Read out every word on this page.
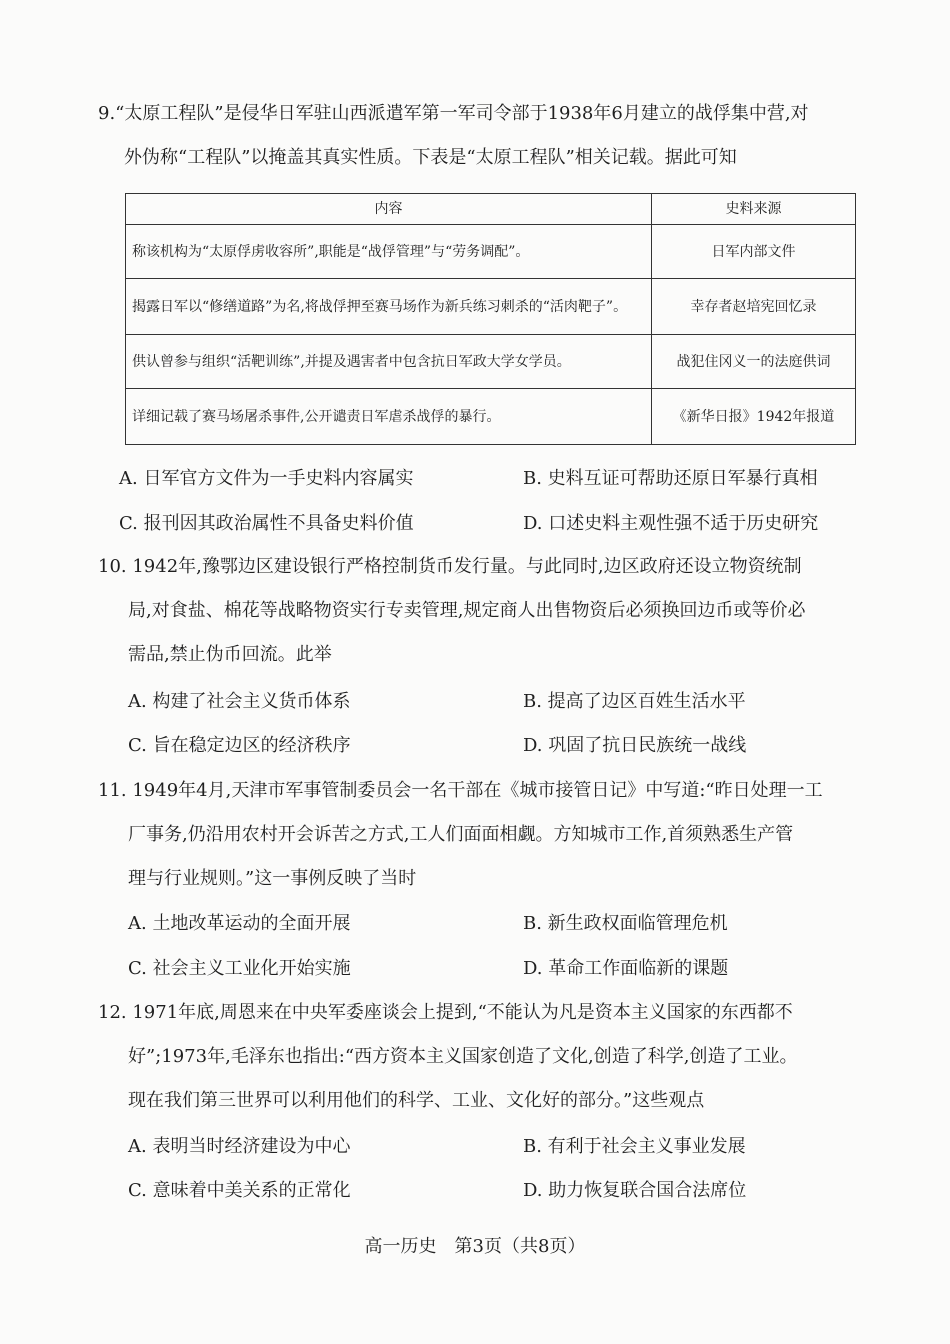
9.“太原工程队”是侵华日军驻山西派遣军第一军司令部于1938年6月建立的战俘集中营,对
外伪称“工程队”以掩盖其真实性质。下表是“太原工程队”相关记载。据此可知
内容	史料来源
称该机构为“太原俘虏收容所”,职能是“战俘管理”与“劳务调配”。	日军内部文件
揭露日军以“修缮道路”为名,将战俘押至赛马场作为新兵练习刺杀的“活肉靶子”。	幸存者赵培宪回忆录
供认曾参与组织“活靶训练”,并提及遇害者中包含抗日军政大学女学员。	战犯住冈义一的法庭供词
详细记载了赛马场屠杀事件,公开谴责日军虐杀战俘的暴行。	《新华日报》1942年报道
A. 日军官方文件为一手史料内容属实	B. 史料互证可帮助还原日军暴行真相
C. 报刊因其政治属性不具备史料价值	D. 口述史料主观性强不适于历史研究
10. 1942年,豫鄂边区建设银行严格控制货币发行量。与此同时,边区政府还设立物资统制
局,对食盐、棉花等战略物资实行专卖管理,规定商人出售物资后必须换回边币或等价必
需品,禁止伪币回流。此举
A. 构建了社会主义货币体系	B. 提高了边区百姓生活水平
C. 旨在稳定边区的经济秩序	D. 巩固了抗日民族统一战线
11. 1949年4月,天津市军事管制委员会一名干部在《城市接管日记》中写道:“昨日处理一工
厂事务,仍沿用农村开会诉苦之方式,工人们面面相觑。方知城市工作,首须熟悉生产管
理与行业规则。”这一事例反映了当时
A. 土地改革运动的全面开展	B. 新生政权面临管理危机
C. 社会主义工业化开始实施	D. 革命工作面临新的课题
12. 1971年底,周恩来在中央军委座谈会上提到,“不能认为凡是资本主义国家的东西都不
好”;1973年,毛泽东也指出:“西方资本主义国家创造了文化,创造了科学,创造了工业。
现在我们第三世界可以利用他们的科学、工业、文化好的部分。”这些观点
A. 表明当时经济建设为中心	B. 有利于社会主义事业发展
C. 意味着中美关系的正常化	D. 助力恢复联合国合法席位
高一历史　第3页（共8页）
